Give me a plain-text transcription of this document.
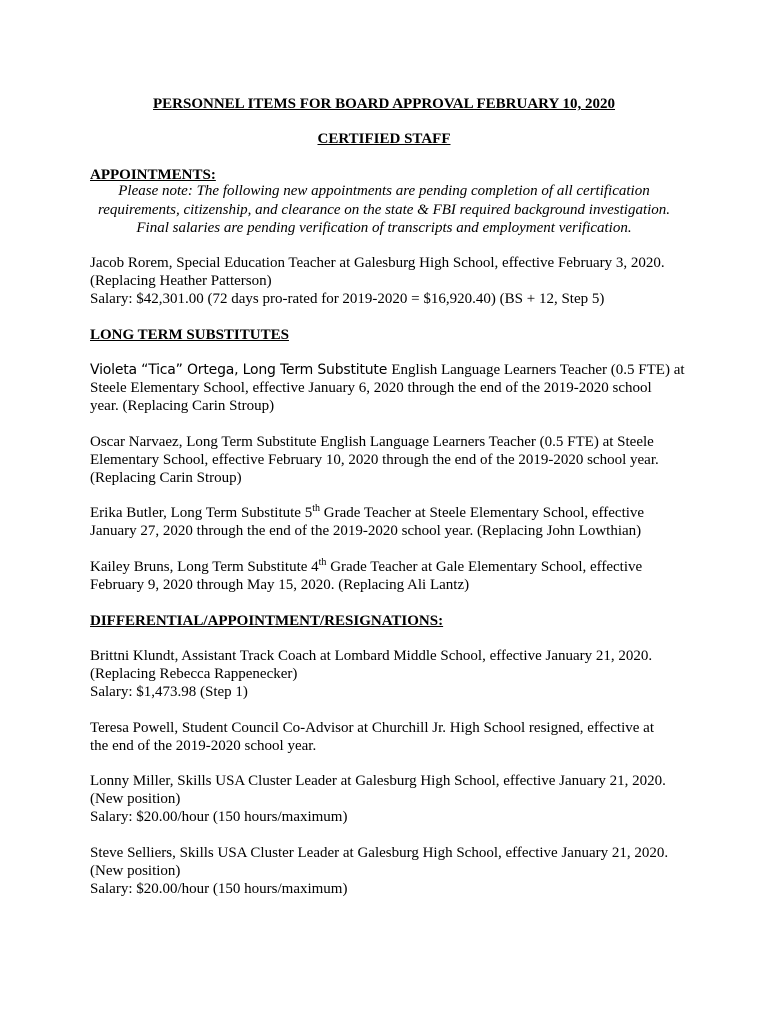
PERSONNEL ITEMS FOR BOARD APPROVAL FEBRUARY 10, 2020
CERTIFIED STAFF
APPOINTMENTS:
Please note: The following new appointments are pending completion of all certification
requirements, citizenship, and clearance on the state & FBI required background investigation.
Final salaries are pending verification of transcripts and employment verification.
Jacob Rorem, Special Education Teacher at Galesburg High School, effective February 3, 2020.
(Replacing Heather Patterson)
Salary: $42,301.00 (72 days pro-rated for 2019-2020 = $16,920.40) (BS + 12, Step 5)
LONG TERM SUBSTITUTES
Violeta “Tica” Ortega, Long Term Substitute English Language Learners Teacher (0.5 FTE) at
Steele Elementary School, effective January 6, 2020 through the end of the 2019-2020 school
year. (Replacing Carin Stroup)
Oscar Narvaez, Long Term Substitute English Language Learners Teacher (0.5 FTE) at Steele
Elementary School, effective February 10, 2020 through the end of the 2019-2020 school year.
(Replacing Carin Stroup)
Erika Butler, Long Term Substitute 5th Grade Teacher at Steele Elementary School, effective
January 27, 2020 through the end of the 2019-2020 school year. (Replacing John Lowthian)
Kailey Bruns, Long Term Substitute 4th Grade Teacher at Gale Elementary School, effective
February 9, 2020 through May 15, 2020. (Replacing Ali Lantz)
DIFFERENTIAL/APPOINTMENT/RESIGNATIONS:
Brittni Klundt, Assistant Track Coach at Lombard Middle School, effective January 21, 2020.
(Replacing Rebecca Rappenecker)
Salary: $1,473.98 (Step 1)
Teresa Powell, Student Council Co-Advisor at Churchill Jr. High School resigned, effective at
the end of the 2019-2020 school year.
Lonny Miller, Skills USA Cluster Leader at Galesburg High School, effective January 21, 2020.
(New position)
Salary: $20.00/hour (150 hours/maximum)
Steve Selliers, Skills USA Cluster Leader at Galesburg High School, effective January 21, 2020.
(New position)
Salary: $20.00/hour (150 hours/maximum)
